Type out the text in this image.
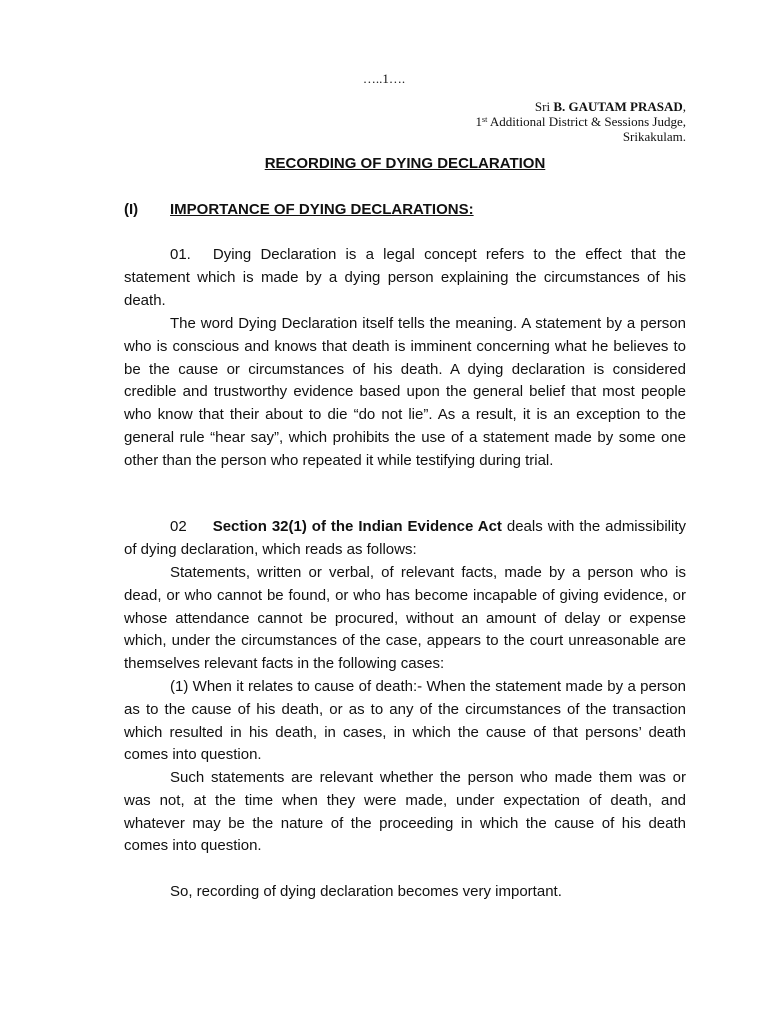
…..1….
Sri B. GAUTAM PRASAD,
1st Additional District & Sessions Judge,
Srikakulam.
RECORDING OF DYING DECLARATION
(I) IMPORTANCE OF DYING DECLARATIONS:

01. Dying Declaration is a legal concept refers to the effect that the statement which is made by a dying person explaining the circumstances of his death.

The word Dying Declaration itself tells the meaning. A statement by a person who is conscious and knows that death is imminent concerning what he believes to be the cause or circumstances of his death. A dying declaration is considered credible and trustworthy evidence based upon the general belief that most people who know that their about to die “do not lie”. As a result, it is an exception to the general rule “hear say”, which prohibits the use of a statement made by some one other than the person who repeated it while testifying during trial.

02 Section 32(1) of the Indian Evidence Act deals with the admissibility of dying declaration, which reads as follows:

Statements, written or verbal, of relevant facts, made by a person who is dead, or who cannot be found, or who has become incapable of giving evidence, or whose attendance cannot be procured, without an amount of delay or expense which, under the circumstances of the case, appears to the court unreasonable are themselves relevant facts in the following cases:

(1) When it relates to cause of death:- When the statement made by a person as to the cause of his death, or as to any of the circumstances of the transaction which resulted in his death, in cases, in which the cause of that persons’ death comes into question.

Such statements are relevant whether the person who made them was or was not, at the time when they were made, under expectation of death, and whatever may be the nature of the proceeding in which the cause of his death comes into question.

So, recording of dying declaration becomes very important.
